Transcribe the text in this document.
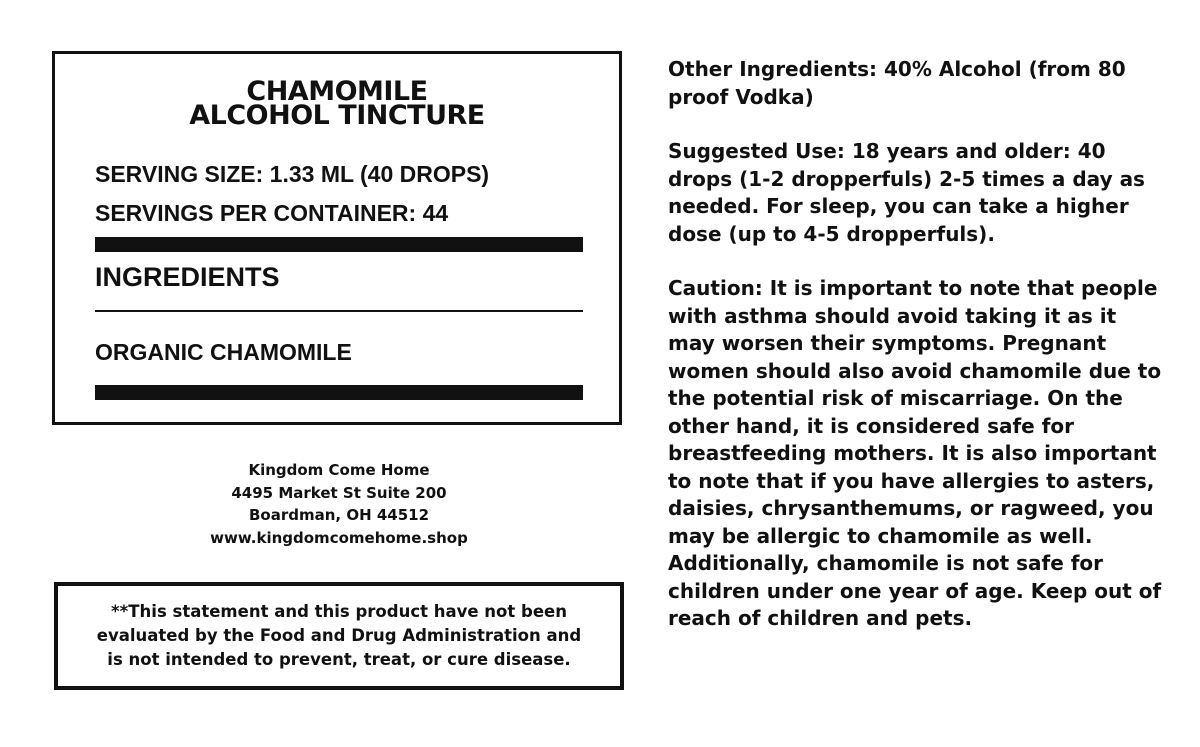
CHAMOMILE
ALCOHOL TINCTURE
SERVING SIZE: 1.33 ML (40 DROPS)
SERVINGS PER CONTAINER: 44
INGREDIENTS
ORGANIC CHAMOMILE
Kingdom Come Home
4495 Market St Suite 200
Boardman, OH 44512
www.kingdomcomehome.shop
**This statement and this product have not been
evaluated by the Food and Drug Administration and
is not intended to prevent, treat, or cure disease.

Other Ingredients: 40% Alcohol (from 80 proof Vodka)

Suggested Use: 18 years and older: 40 drops (1-2 dropperfuls) 2-5 times a day as needed. For sleep, you can take a higher dose (up to 4-5 dropperfuls).

Caution: It is important to note that people with asthma should avoid taking it as it may worsen their symptoms. Pregnant women should also avoid chamomile due to the potential risk of miscarriage. On the other hand, it is considered safe for breastfeeding mothers. It is also important to note that if you have allergies to asters, daisies, chrysanthemums, or ragweed, you may be allergic to chamomile as well. Additionally, chamomile is not safe for children under one year of age. Keep out of reach of children and pets.
